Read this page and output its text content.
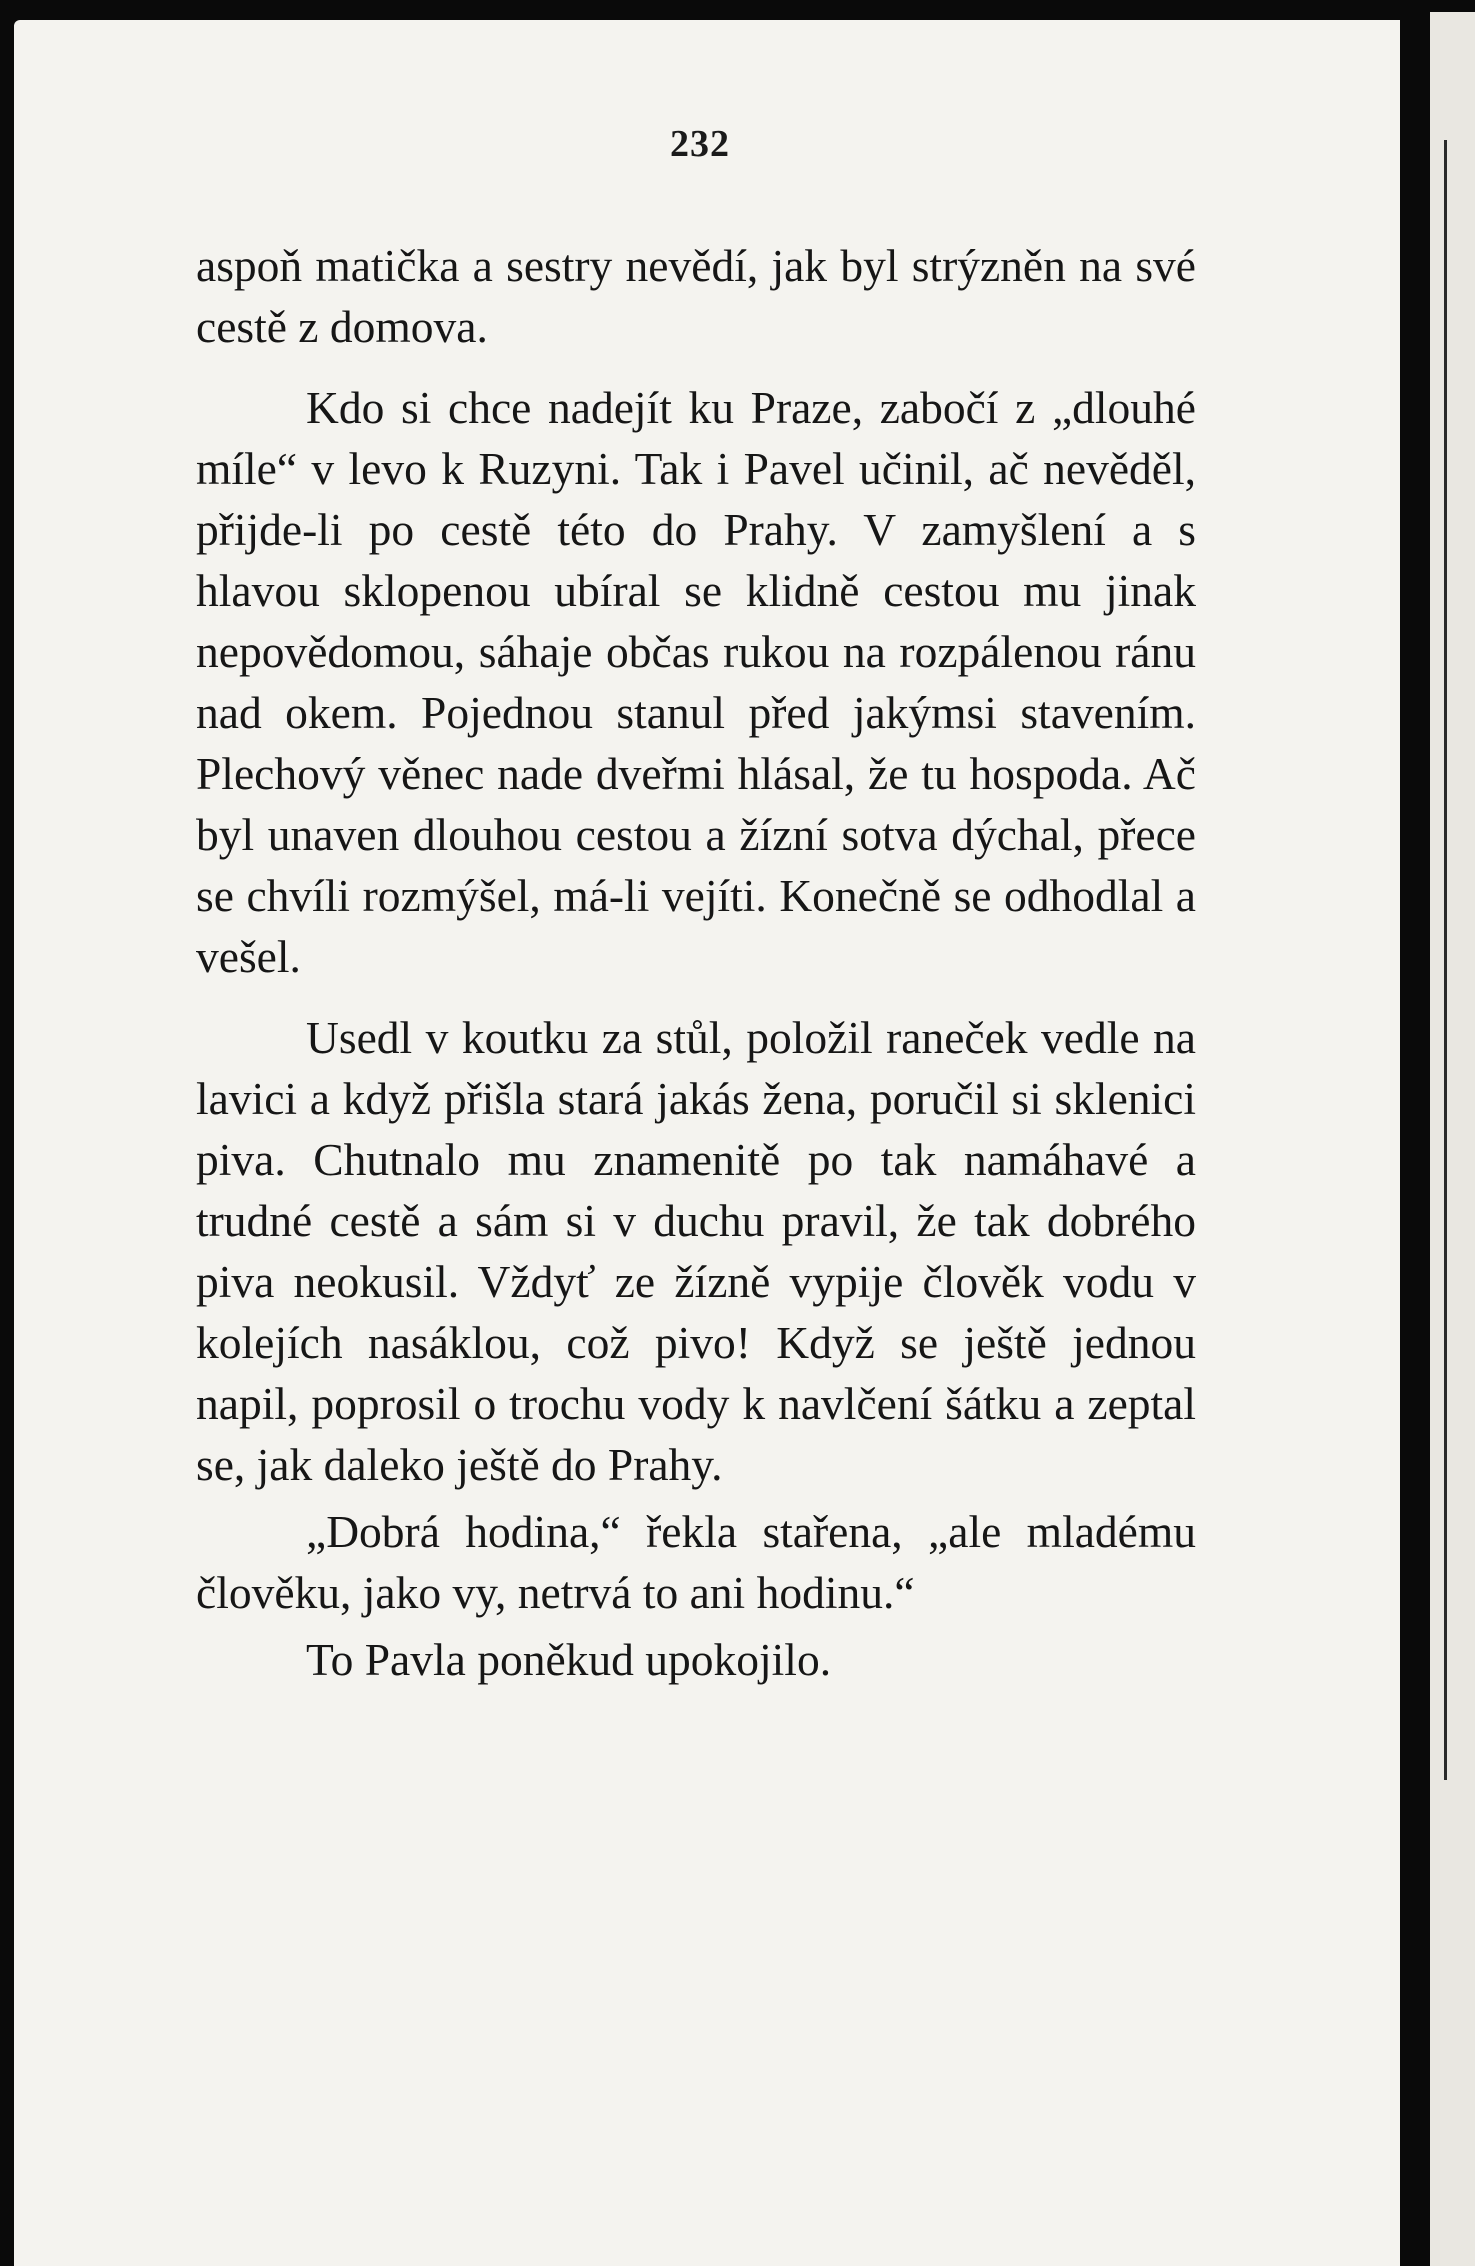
232

aspoň matička a sestry nevědí, jak byl strýzněn na své cestě z domova.

Kdo si chce nadejít ku Praze, zabočí z „dlouhé míle“ v levo k Ruzyni. Tak i Pavel učinil, ač nevěděl, přijde-li po cestě této do Prahy. V zamyšlení a s hlavou sklopenou ubíral se klidně cestou mu jinak nepovědomou, sáhaje občas rukou na rozpálenou ránu nad okem. Pojednou stanul před jakýmsi stavením. Plechový věnec nade dveřmi hlásal, že tu hospoda. Ač byl unaven dlouhou cestou a žízní sotva dýchal, přece se chvíli rozmýšel, má-li vejíti. Konečně se odhodlal a vešel.

Usedl v koutku za stůl, položil raneček vedle na lavici a když přišla stará jakás žena, poručil si sklenici piva. Chutnalo mu znamenitě po tak namáhavé a trudné cestě a sám si v duchu pravil, že tak dobrého piva neokusil. Vždyť ze žízně vypije člověk vodu v kolejích nasáklou, což pivo! Když se ještě jednou napil, poprosil o trochu vody k navlčení šátku a zeptal se, jak daleko ještě do Prahy.

„Dobrá hodina,“ řekla stařena, „ale mladému člověku, jako vy, netrvá to ani hodinu.“

To Pavla poněkud upokojilo.
